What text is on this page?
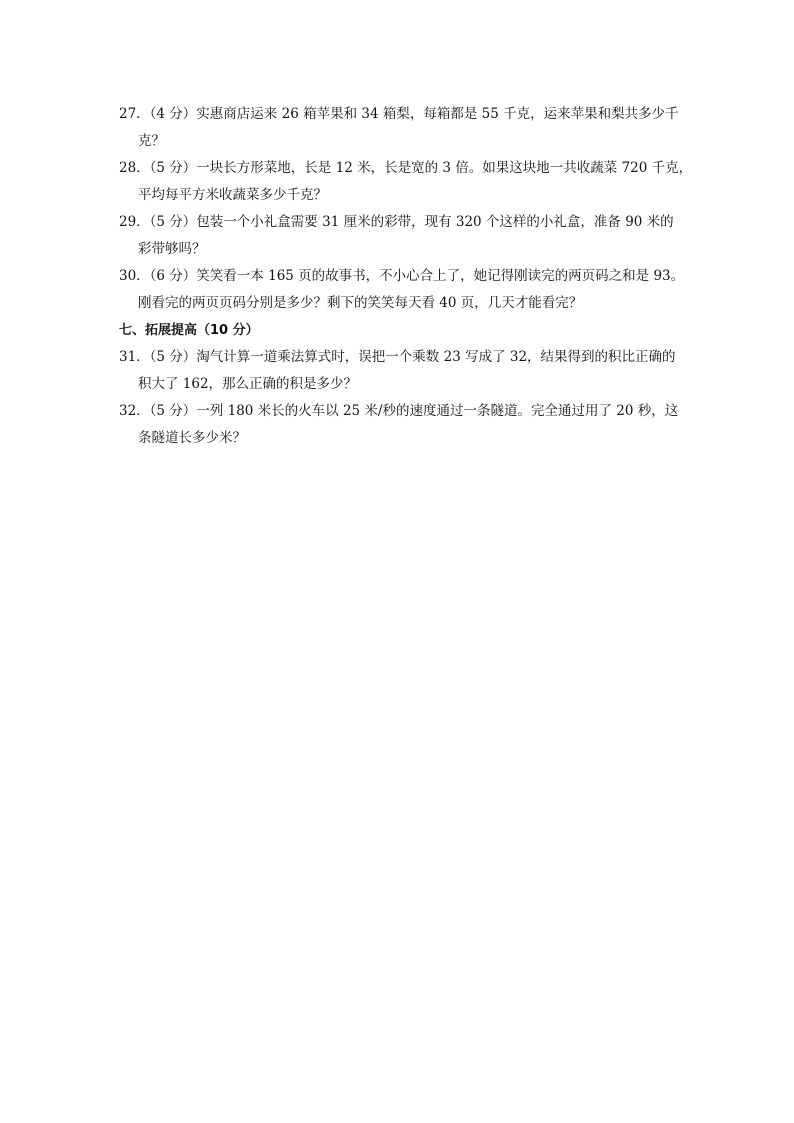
27．（4 分）实惠商店运来 26 箱苹果和 34 箱梨，每箱都是 55 千克，运来苹果和梨共多少千
克？
28．（5 分）一块长方形菜地，长是 12 米，长是宽的 3 倍。如果这块地一共收蔬菜 720 千克，
平均每平方米收蔬菜多少千克？
29．（5 分）包装一个小礼盒需要 31 厘米的彩带，现有 320 个这样的小礼盒，准备 90 米的
彩带够吗？
30．（6 分）笑笑看一本 165 页的故事书，不小心合上了，她记得刚读完的两页码之和是 93。
刚看完的两页页码分别是多少？剩下的笑笑每天看 40 页，几天才能看完？
七、拓展提高（10 分）
31．（5 分）淘气计算一道乘法算式时，误把一个乘数 23 写成了 32，结果得到的积比正确的
积大了 162，那么正确的积是多少？
32．（5 分）一列 180 米长的火车以 25 米/秒的速度通过一条隧道。完全通过用了 20 秒，这
条隧道长多少米？
